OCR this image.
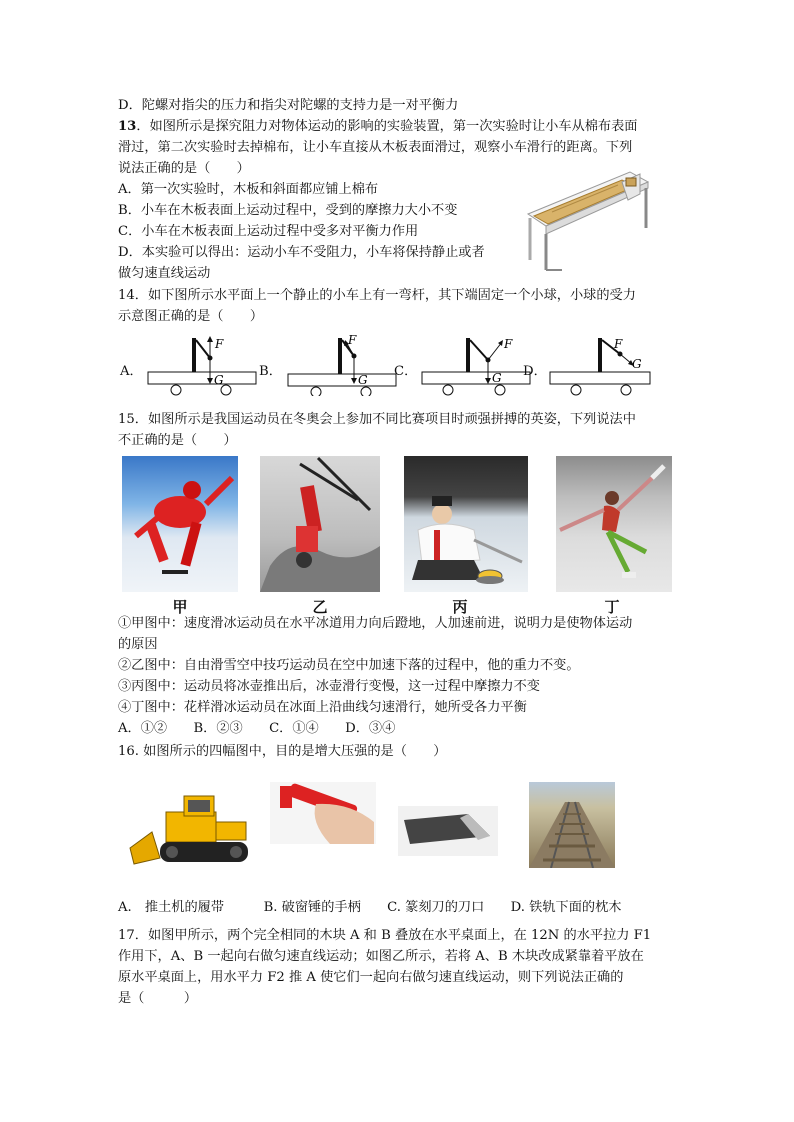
D．陀螺对指尖的压力和指尖对陀螺的支持力是一对平衡力
13．如图所示是探究阻力对物体运动的影响的实验装置，第一次实验时让小车从棉布表面
滑过，第二次实验时去掉棉布，让小车直接从木板表面滑过，观察小车滑行的距离。下列
说法正确的是（　　）
A．第一次实验时，木板和斜面都应铺上棉布
B．小车在木板表面上运动过程中，受到的摩擦力大小不变
C．小车在木板表面上运动过程中受多对平衡力作用
D．本实验可以得出：运动小车不受阻力，小车将保持静止或者
做匀速直线运动
14．如下图所示水平面上一个静止的小车上有一弯杆，其下端固定一个小球，小球的受力
示意图正确的是（　　）
A．
F
G
B．
F
G
C．
F
G D．
F
G
15．如图所示是我国运动员在冬奥会上参加不同比赛项目时顽强拼搏的英姿，下列说法中
不正确的是（　　）
甲	乙	丙	丁
①甲图中：速度滑冰运动员在水平冰道用力向后蹬地，人加速前进，说明力是使物体运动
的原因
②乙图中：自由滑雪空中技巧运动员在空中加速下落的过程中，他的重力不变。
③丙图中：运动员将冰壶推出后，冰壶滑行变慢，这一过程中摩擦力不变
④丁图中：花样滑冰运动员在冰面上沿曲线匀速滑行，她所受各力平衡
A．①②　　B．②③　　C．①④　　D．③④
16. 如图所示的四幅图中，目的是增大压强的是（　　）
A.　推土机的履带　　　B. 破窗锤的手柄　　C. 篆刻刀的刀口　　D. 铁轨下面的枕木
17．如图甲所示，两个完全相同的木块 A 和 B 叠放在水平桌面上，在 12N 的水平拉力 F1
作用下，A、B 一起向右做匀速直线运动；如图乙所示，若将 A、B 木块改成紧靠着平放在
原水平桌面上，用水平力 F2 推 A 使它们一起向右做匀速直线运动，则下列说法正确的
是（　　　）
